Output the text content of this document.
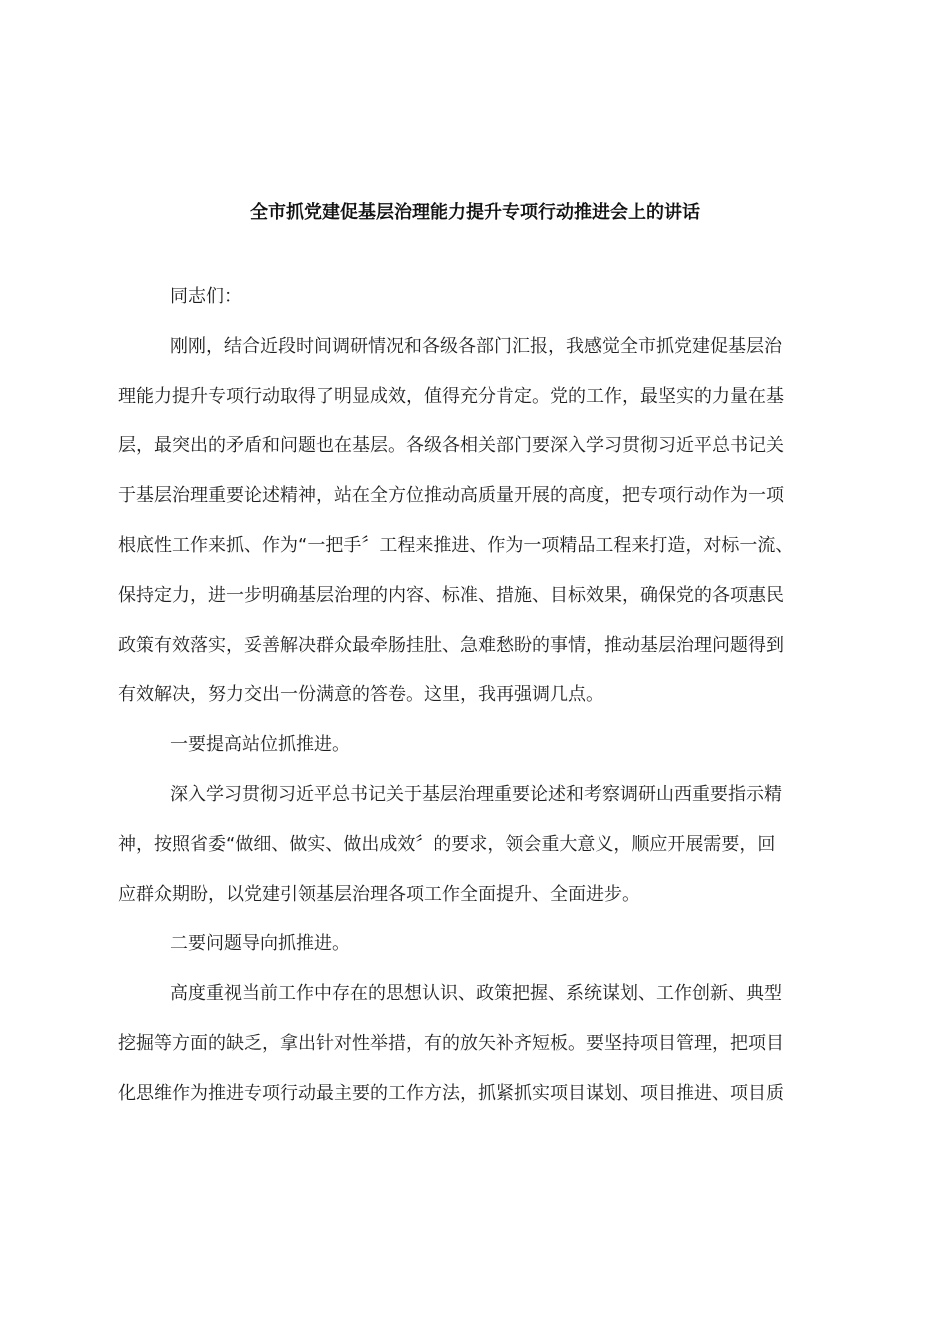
全市抓党建促基层治理能力提升专项行动推进会上的讲话
同志们：
刚刚，结合近段时间调研情况和各级各部门汇报，我感觉全市抓党建促基层治
理能力提升专项行动取得了明显成效，值得充分肯定。党的工作，最坚实的力量在基
层，最突出的矛盾和问题也在基层。各级各相关部门要深入学习贯彻习近平总书记关
于基层治理重要论述精神，站在全方位推动高质量开展的高度，把专项行动作为一项
根底性工作来抓、作为“一把手〞工程来推进、作为一项精品工程来打造，对标一流、
保持定力，进一步明确基层治理的内容、标准、措施、目标效果，确保党的各项惠民
政策有效落实，妥善解决群众最牵肠挂肚、急难愁盼的事情，推动基层治理问题得到
有效解决，努力交出一份满意的答卷。这里，我再强调几点。
一要提高站位抓推进。
深入学习贯彻习近平总书记关于基层治理重要论述和考察调研山西重要指示精
神，按照省委“做细、做实、做出成效〞的要求，领会重大意义，顺应开展需要，回
应群众期盼，以党建引领基层治理各项工作全面提升、全面进步。
二要问题导向抓推进。
高度重视当前工作中存在的思想认识、政策把握、系统谋划、工作创新、典型
挖掘等方面的缺乏，拿出针对性举措，有的放矢补齐短板。要坚持项目管理，把项目
化思维作为推进专项行动最主要的工作方法，抓紧抓实项目谋划、项目推进、项目质
